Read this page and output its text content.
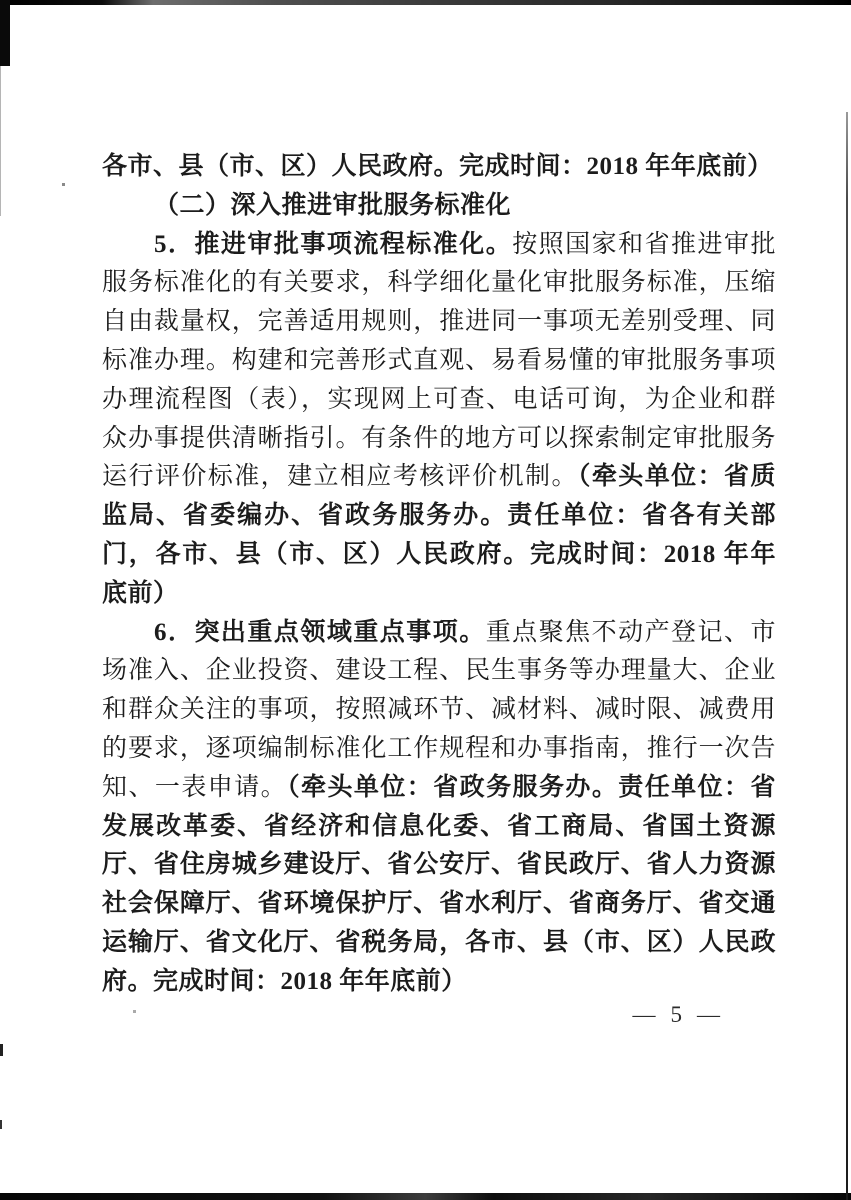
各市、县（市、区）人民政府。完成时间：2018 年年底前）
（二）深入推进审批服务标准化
5．推进审批事项流程标准化。按照国家和省推进审批
服务标准化的有关要求，科学细化量化审批服务标准，压缩
自由裁量权，完善适用规则，推进同一事项无差别受理、同
标准办理。构建和完善形式直观、易看易懂的审批服务事项
办理流程图（表），实现网上可查、电话可询，为企业和群
众办事提供清晰指引。有条件的地方可以探索制定审批服务
运行评价标准，建立相应考核评价机制。（牵头单位：省质
监局、省委编办、省政务服务办。责任单位：省各有关部
门，各市、县（市、区）人民政府。完成时间：2018 年年
底前）
6．突出重点领域重点事项。重点聚焦不动产登记、市
场准入、企业投资、建设工程、民生事务等办理量大、企业
和群众关注的事项，按照减环节、减材料、减时限、减费用
的要求，逐项编制标准化工作规程和办事指南，推行一次告
知、一表申请。（牵头单位：省政务服务办。责任单位：省
发展改革委、省经济和信息化委、省工商局、省国土资源
厅、省住房城乡建设厅、省公安厅、省民政厅、省人力资源
社会保障厅、省环境保护厅、省水利厅、省商务厅、省交通
运输厅、省文化厅、省税务局，各市、县（市、区）人民政
府。完成时间：2018 年年底前）
— 5 —
